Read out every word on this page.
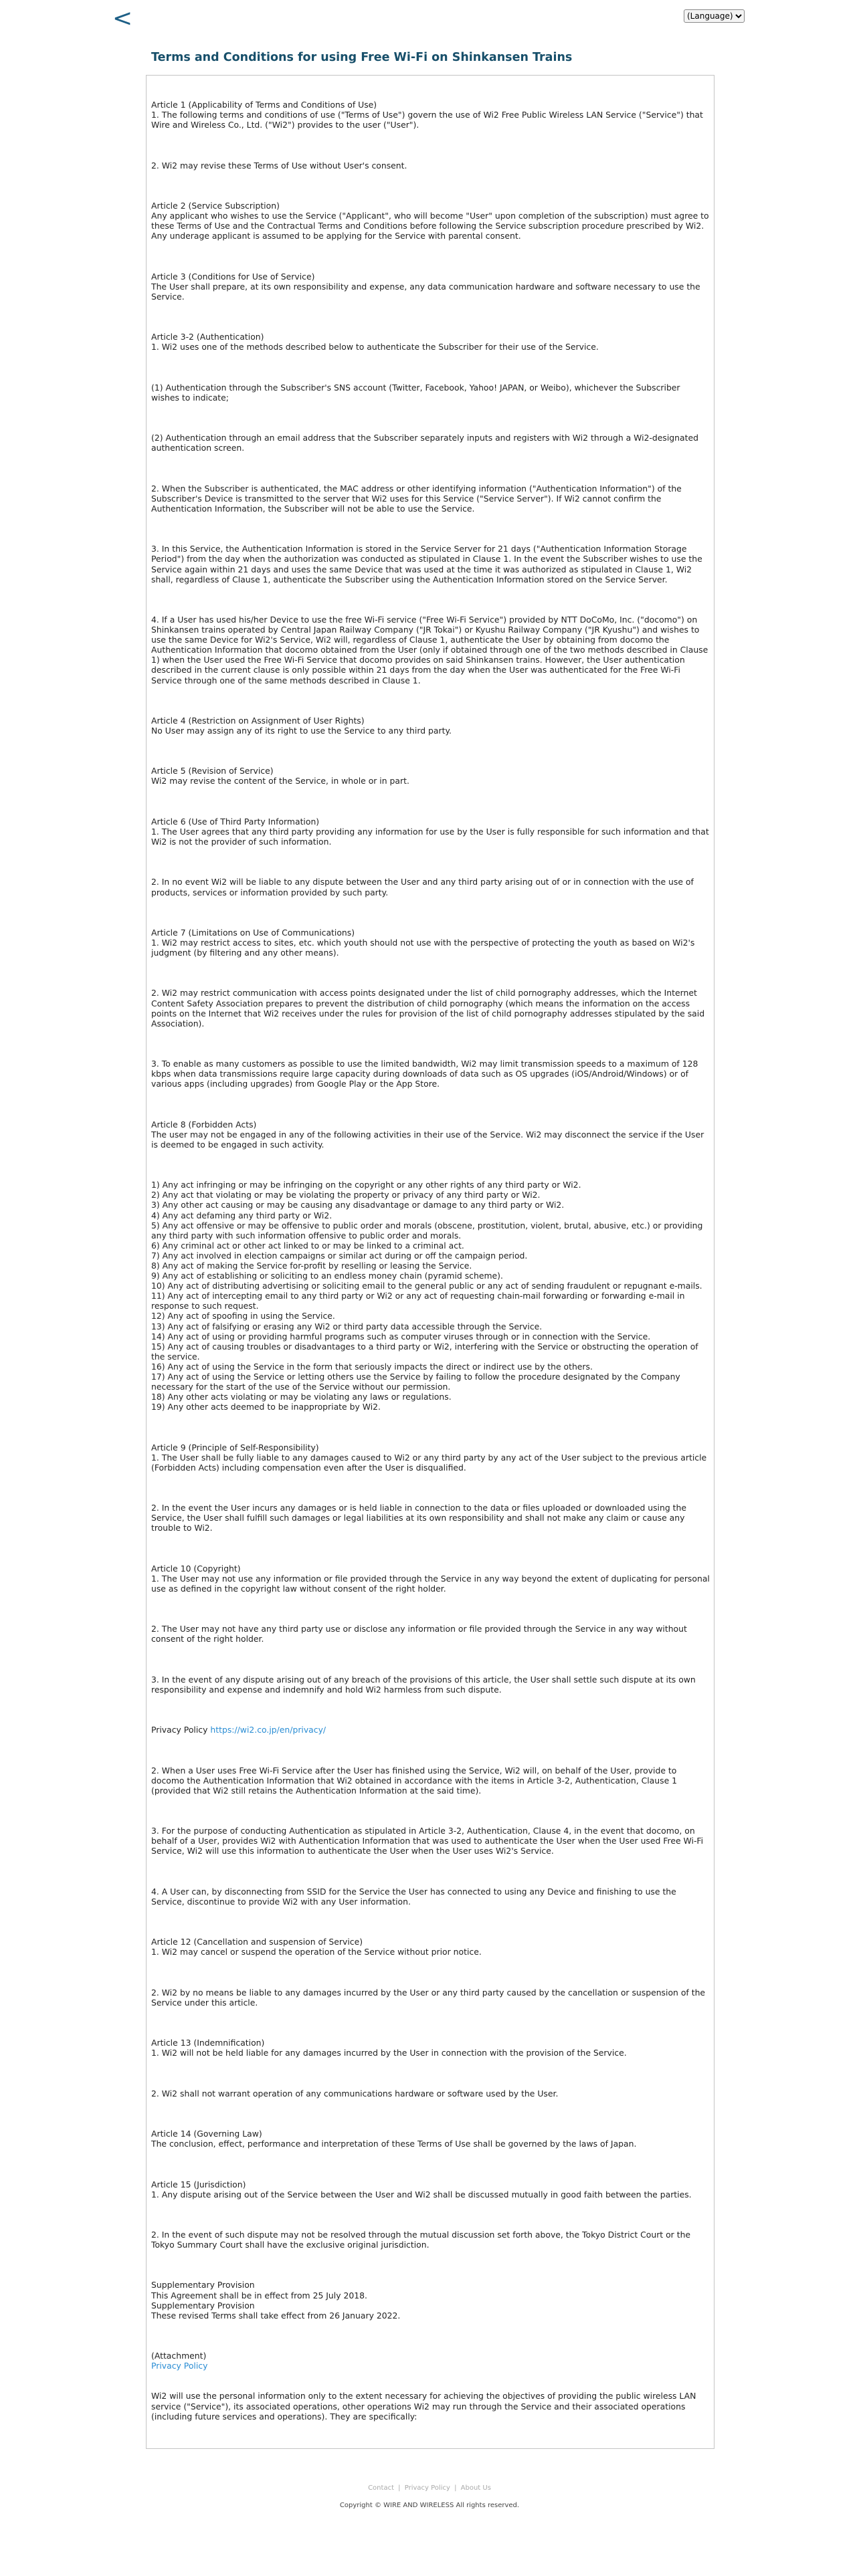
<
(Language)
Terms and Conditions for using Free Wi-Fi on Shinkansen Trains

Article 1 (Applicability of Terms and Conditions of Use)
1. The following terms and conditions of use ("Terms of Use") govern the use of Wi2 Free Public Wireless LAN Service ("Service") that Wire and Wireless Co., Ltd. ("Wi2") provides to the user ("User").

2. Wi2 may revise these Terms of Use without User's consent.

Article 2 (Service Subscription)
Any applicant who wishes to use the Service ("Applicant", who will become "User" upon completion of the subscription) must agree to these Terms of Use and the Contractual Terms and Conditions before following the Service subscription procedure prescribed by Wi2. Any underage applicant is assumed to be applying for the Service with parental consent.

Article 3 (Conditions for Use of Service)
The User shall prepare, at its own responsibility and expense, any data communication hardware and software necessary to use the Service.

Article 3-2 (Authentication)
1. Wi2 uses one of the methods described below to authenticate the Subscriber for their use of the Service.

(1) Authentication through the Subscriber's SNS account (Twitter, Facebook, Yahoo! JAPAN, or Weibo), whichever the Subscriber wishes to indicate;

(2) Authentication through an email address that the Subscriber separately inputs and registers with Wi2 through a Wi2-designated authentication screen.

2. When the Subscriber is authenticated, the MAC address or other identifying information ("Authentication Information") of the Subscriber's Device is transmitted to the server that Wi2 uses for this Service ("Service Server"). If Wi2 cannot confirm the Authentication Information, the Subscriber will not be able to use the Service.

3. In this Service, the Authentication Information is stored in the Service Server for 21 days ("Authentication Information Storage Period") from the day when the authorization was conducted as stipulated in Clause 1. In the event the Subscriber wishes to use the Service again within 21 days and uses the same Device that was used at the time it was authorized as stipulated in Clause 1, Wi2 shall, regardless of Clause 1, authenticate the Subscriber using the Authentication Information stored on the Service Server.

4. If a User has used his/her Device to use the free Wi-Fi service ("Free Wi-Fi Service") provided by NTT DoCoMo, Inc. ("docomo") on Shinkansen trains operated by Central Japan Railway Company ("JR Tokai") or Kyushu Railway Company ("JR Kyushu") and wishes to use the same Device for Wi2's Service, Wi2 will, regardless of Clause 1, authenticate the User by obtaining from docomo the Authentication Information that docomo obtained from the User (only if obtained through one of the two methods described in Clause 1) when the User used the Free Wi-Fi Service that docomo provides on said Shinkansen trains. However, the User authentication described in the current clause is only possible within 21 days from the day when the User was authenticated for the Free Wi-Fi Service through one of the same methods described in Clause 1.

Article 4 (Restriction on Assignment of User Rights)
No User may assign any of its right to use the Service to any third party.

Article 5 (Revision of Service)
Wi2 may revise the content of the Service, in whole or in part.

Article 6 (Use of Third Party Information)
1. The User agrees that any third party providing any information for use by the User is fully responsible for such information and that Wi2 is not the provider of such information.

2. In no event Wi2 will be liable to any dispute between the User and any third party arising out of or in connection with the use of products, services or information provided by such party.

Article 7 (Limitations on Use of Communications)
1. Wi2 may restrict access to sites, etc. which youth should not use with the perspective of protecting the youth as based on Wi2's judgment (by filtering and any other means).

2. Wi2 may restrict communication with access points designated under the list of child pornography addresses, which the Internet Content Safety Association prepares to prevent the distribution of child pornography (which means the information on the access points on the Internet that Wi2 receives under the rules for provision of the list of child pornography addresses stipulated by the said Association).

3. To enable as many customers as possible to use the limited bandwidth, Wi2 may limit transmission speeds to a maximum of 128 kbps when data transmissions require large capacity during downloads of data such as OS upgrades (iOS/Android/Windows) or of various apps (including upgrades) from Google Play or the App Store.

Article 8 (Forbidden Acts)
The user may not be engaged in any of the following activities in their use of the Service. Wi2 may disconnect the service if the User is deemed to be engaged in such activity.

1) Any act infringing or may be infringing on the copyright or any other rights of any third party or Wi2.
2) Any act that violating or may be violating the property or privacy of any third party or Wi2.
3) Any other act causing or may be causing any disadvantage or damage to any third party or Wi2.
4) Any act defaming any third party or Wi2.
5) Any act offensive or may be offensive to public order and morals (obscene, prostitution, violent, brutal, abusive, etc.) or providing any third party with such information offensive to public order and morals.
6) Any criminal act or other act linked to or may be linked to a criminal act.
7) Any act involved in election campaigns or similar act during or off the campaign period.
8) Any act of making the Service for-profit by reselling or leasing the Service.
9) Any act of establishing or soliciting to an endless money chain (pyramid scheme).
10) Any act of distributing advertising or soliciting email to the general public or any act of sending fraudulent or repugnant e-mails.
11) Any act of intercepting email to any third party or Wi2 or any act of requesting chain-mail forwarding or forwarding e-mail in response to such request.
12) Any act of spoofing in using the Service.
13) Any act of falsifying or erasing any Wi2 or third party data accessible through the Service.
14) Any act of using or providing harmful programs such as computer viruses through or in connection with the Service.
15) Any act of causing troubles or disadvantages to a third party or Wi2, interfering with the Service or obstructing the operation of the service.
16) Any act of using the Service in the form that seriously impacts the direct or indirect use by the others.
17) Any act of using the Service or letting others use the Service by failing to follow the procedure designated by the Company necessary for the start of the use of the Service without our permission.
18) Any other acts violating or may be violating any laws or regulations.
19) Any other acts deemed to be inappropriate by Wi2.

Article 9 (Principle of Self-Responsibility)
1. The User shall be fully liable to any damages caused to Wi2 or any third party by any act of the User subject to the previous article (Forbidden Acts) including compensation even after the User is disqualified.

2. In the event the User incurs any damages or is held liable in connection to the data or files uploaded or downloaded using the Service, the User shall fulfill such damages or legal liabilities at its own responsibility and shall not make any claim or cause any trouble to Wi2.

Article 10 (Copyright)
1. The User may not use any information or file provided through the Service in any way beyond the extent of duplicating for personal use as defined in the copyright law without consent of the right holder.

2. The User may not have any third party use or disclose any information or file provided through the Service in any way without consent of the right holder.

3. In the event of any dispute arising out of any breach of the provisions of this article, the User shall settle such dispute at its own responsibility and expense and indemnify and hold Wi2 harmless from such dispute.

Privacy Policy https://wi2.co.jp/en/privacy/

2. When a User uses Free Wi-Fi Service after the User has finished using the Service, Wi2 will, on behalf of the User, provide to docomo the Authentication Information that Wi2 obtained in accordance with the items in Article 3-2, Authentication, Clause 1 (provided that Wi2 still retains the Authentication Information at the said time).

3. For the purpose of conducting Authentication as stipulated in Article 3-2, Authentication, Clause 4, in the event that docomo, on behalf of a User, provides Wi2 with Authentication Information that was used to authenticate the User when the User used Free Wi-Fi Service, Wi2 will use this information to authenticate the User when the User uses Wi2's Service.

4. A User can, by disconnecting from SSID for the Service the User has connected to using any Device and finishing to use the Service, discontinue to provide Wi2 with any User information.

Article 12 (Cancellation and suspension of Service)
1. Wi2 may cancel or suspend the operation of the Service without prior notice.

2. Wi2 by no means be liable to any damages incurred by the User or any third party caused by the cancellation or suspension of the Service under this article.

Article 13 (Indemnification)
1. Wi2 will not be held liable for any damages incurred by the User in connection with the provision of the Service.

2. Wi2 shall not warrant operation of any communications hardware or software used by the User.

Article 14 (Governing Law)
The conclusion, effect, performance and interpretation of these Terms of Use shall be governed by the laws of Japan.

Article 15 (Jurisdiction)
1. Any dispute arising out of the Service between the User and Wi2 shall be discussed mutually in good faith between the parties.

2. In the event of such dispute may not be resolved through the mutual discussion set forth above, the Tokyo District Court or the Tokyo Summary Court shall have the exclusive original jurisdiction.

Supplementary Provision
This Agreement shall be in effect from 25 July 2018.
Supplementary Provision
These revised Terms shall take effect from 26 January 2022.

(Attachment)
Privacy Policy

Wi2 will use the personal information only to the extent necessary for achieving the objectives of providing the public wireless LAN service ("Service"), its associated operations, other operations Wi2 may run through the Service and their associated operations (including future services and operations). They are specifically:

Contact | Privacy Policy | About Us
Copyright © WIRE AND WIRELESS All rights reserved.
